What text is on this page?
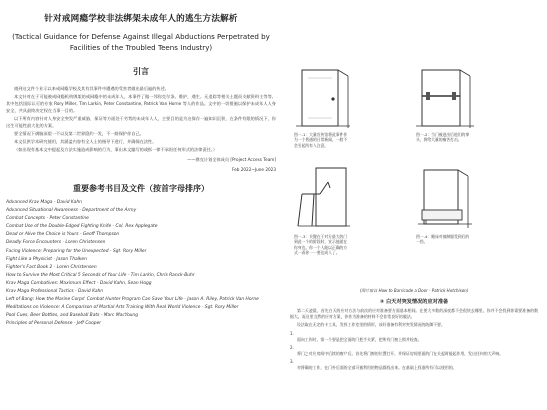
针对戒网瘾学校非法绑架未成年人的逃生方法解析
(Tactical Guidance for Defense Against Illegal Abductions Perpetrated by Facilities of the Troubled Teens Industry)
引言

遇到这文件个业示以来戒网瘾学校及其有其事件中遭遇的受害者做出最后遍的传述。

本文针对在于可能被戒网瘾机构绑架的戒网瘾中的未成年人，本事件了做一邻你克尔条。维护，遇生。无追踪等相关土题而支献资料主等等。其中包括国际认可的专家 Rory Miller, Tim Larkin, Peter Constantine, Patrick Van Horne 等人的作品。文中的一切措施以保护未成年人人身安全，共具最终决定权在当事一目的。

以下所有内容针对人身安全突发严重威胁，保证等方面处于劣势的未成年人人，主要目的是为这保存一遍知识沉积，在条件有限的情况下，你这生可能性最大化的方案。

要全情况下满脑深望一不以及第二世界隐约一发，不一路保护你自己。

本文仅供学术研究使用，其涵盖内容有全人士的指导下进行，并确保在法性。

（如出现有基本文中提起及方法实施造成影响的行为，事出本文编写的或抓一律不承担任何形式的法律责任。）

——赛克计划全体成员 [Project Access Team]
Feb 2022~June 2023
重要参考书目及文件（按首字母排序）
Advanced Krav Maga - David Kahn
Advanced Situational Awareness - Department of the Army
Combat Concepts - Peter Constantine
Combat Use of the Double-Edged Fighting Knife - Col. Rex Applegate
Dead or Alive the Choice is Yours - Geoff Thompson
Deadly Force Encounters - Loren Christensen
Facing Violence: Preparing for the Unexpected - Sgt. Rory Miller
Fight Like a Physicist - Jason Thalken
Fighter's Fact Book 2 - Loren Christensen
How to Survive the Most Critical 5 Seconds of Your Life - Tim Larkin, Chris Ranck-Buhr
Krav Maga Combatives: Maximum Effect - David Kahn, Sean Hogg
Krav Maga Professional Tactics - David Kahn
Left of Bang: How the Marine Corps' Combat Hunter Program Can Save Your Life - Jason A. Riley, Patrick Van Horne
Meditations on Violence: A Comparison of Martial Arts Training With Real World Violence - Sgt. Rory Miller
Pool Cues, Beer Bottles, and Baseball Bats - Marc MacYoung
Principles of Personal Defense - Jeff Cooper
图一-1：大量宣传馆将此事件作为一个普通的日常新闻，一般不会引起所有人注意。
图一-2：当门被进出后他们的拳头，将给大量的痛苦打击。
图一-3：关键在于对方最大的门到此一个的阶段时，宣示他就在你身边。你一个人能以正确的方式一看你一一要达成人了。
图一-4：睡床对被制服受到后的一拐。
(图片取自 How to Barricade a Door - Patrick Hutchison)
② 白天对突发情况的应对准备

第二天凌晨，首先白天的应对方法与前次的应对准备要方面基本相同。在要大多数的深夜都不会很快去哪里。你并不会找到你需要准备的数据大。而这里当然的应对方案，你作为准备的材料不会非常良好的做法。

设法取在无定的卡工具，发挥工作室里的情形，该好准备有利对突发情况的防御不要。

1.

面向工作时，第一个要是把全面的门把手关紧，把所有门窗上锁并检查。

2.

将门之对应房间中后续的窗户后。首先将门窗的位置打开，并保证房间里面的门在关起时能起作用，发出任何的大声响。

3.

对将确的工作，在门外后面的全部可被利用的物品都找出来。在基础上找准所有可以使用的。
